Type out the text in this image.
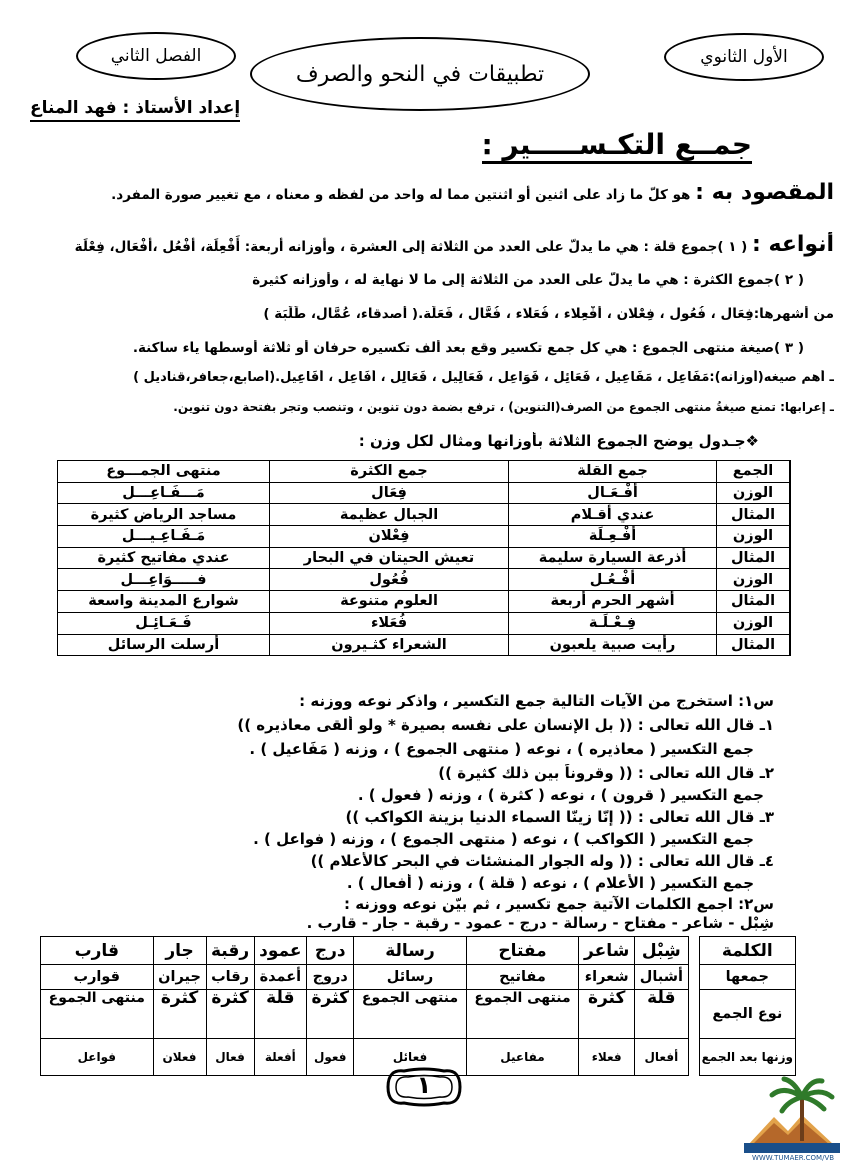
الأول الثانوي
تطبيقات في النحو والصرف
الفصل الثاني
إعداد الأستاذ : فهد المناع
جمــع التكـســـــير :
المقصود به : هو كلّ ما زاد على اثنين أو اثنتين مما له واحد من لفظه و معناه ، مع تغيير صورة المفرد.
أنواعه : ( ١ )جموع قلة : هي ما يدلّ على العدد من الثلاثة إلى العشرة ، وأوزانه أربعة: أَفْعِلَة، أفْعُل ،أفْعَال، فِعْلَة
( ٢ )جموع الكثرة : هي ما يدلّ على العدد من الثلاثة إلى ما لا نهاية له ، وأوزانه كثيرة
من أشهرها:فِعَال ، فُعُول ، فِعْلان ، أفْعِلاء ، فُعَلاء ، فُعَّال ، فَعَلَة.( أصدقاء، عُمَّال، طَلَبَة )
( ٣ )صيغة منتهى الجموع : هي كل جمع تكسير وقع بعد ألف تكسيره حرفان أو ثلاثة أوسطها ياء ساكنة.
ـ أهم صيغه(أوزانه):مَفَاعِل ، مَفَاعِيل ، فَعَائِل ، فَوَاعِل ، فَعَالِيل ، فَعَالِل ، أفَاعِل ، أفَاعِيل.(أصابع،جعافر،قناديل )
ـ إعرابها: تمنع صيغةُ منتهى الجموع من الصرف(التنوين) ، ترفع بضمة دون تنوين ، وتنصب وتجر بفتحة دون تنوين.
❖جـدول يوضح الجموع الثلاثة بأوزانها ومثال لكل وزن :
الجمع	جمع القلة	جمع الكثرة	منتهى الجمـــوع
الوزن	أفْـعَـال	فِعَال	مَـــفَـاعِـــل
المثال	عندي أقـلام	الجبال عظيمة	مساجد الرياض كثيرة
الوزن	أفْـعِـلَة	فِعْلان	مَـفَـاعِـيـــل
المثال	أذرعة السيارة سليمة	تعيش الحيتان في البحار	عندي مفاتيح كثيرة
الوزن	أفْـعُـل	فُعُول	فـــــوَاعِـــل
المثال	أشهر الحرم أربعة	العلوم متنوعة	شوارع المدينة واسعة
الوزن	فِـعْـلَـة	فُعَلاء	فَـعَـائِـل
المثال	رأيت صبية يلعبون	الشعراء كثـيرون	أرسلت الرسائل
س١: استخرج من الآيات التالية جمع التكسير ، واذكر نوعه ووزنه :
١ـ قال الله تعالى : (( بل الإنسان على نفسه بصيرة * ولو ألقى معاذيره ))
جمع التكسير ( معاذيره ) ، نوعه ( منتهى الجموع ) ، وزنه ( مَفَاعيل ) .
٢ـ قال الله تعالى : (( وقروناً بين ذلك كثيرة ))
جمع التكسير ( قرون ) ، نوعه ( كثرة ) ، وزنه ( فعول ) .
٣ـ قال الله تعالى : (( إنّا زينّا السماء الدنيا بزينة الكواكب ))
جمع التكسير ( الكواكب ) ، نوعه ( منتهى الجموع ) ، وزنه ( فواعل ) .
٤ـ قال الله تعالى : (( وله الجوار المنشئات في البحر كالأعلام ))
جمع التكسير ( الأعلام ) ، نوعه ( قلة ) ، وزنه ( أفعال ) .
س٢: اجمع الكلمات الآتية جمع تكسير ، ثم بيّن نوعه ووزنه :
شِبْل - شاعر - مفتاح - رسالة - درج - عمود - رقبة - جار - قارب .
الكلمة		شِبْل	شاعر	مفتاح	رسالة	درج	عمود	رقبة	جار	قارب
جمعها		أشبال	شعراء	مفاتيح	رسائل	دروج	أعمدة	رقاب	جيران	قوارب
نوع الجمع		قلة	كثرة	منتهى الجموع	منتهى الجموع	كثرة	قلة	كثرة	كثرة	منتهى الجموع
وزنها بعد الجمع		أفعال	فعلاء	مفاعيل	فعائل	فعول	أفعلة	فعال	فعلان	فواعل
١
WWW.TUMAER.COM/VB
